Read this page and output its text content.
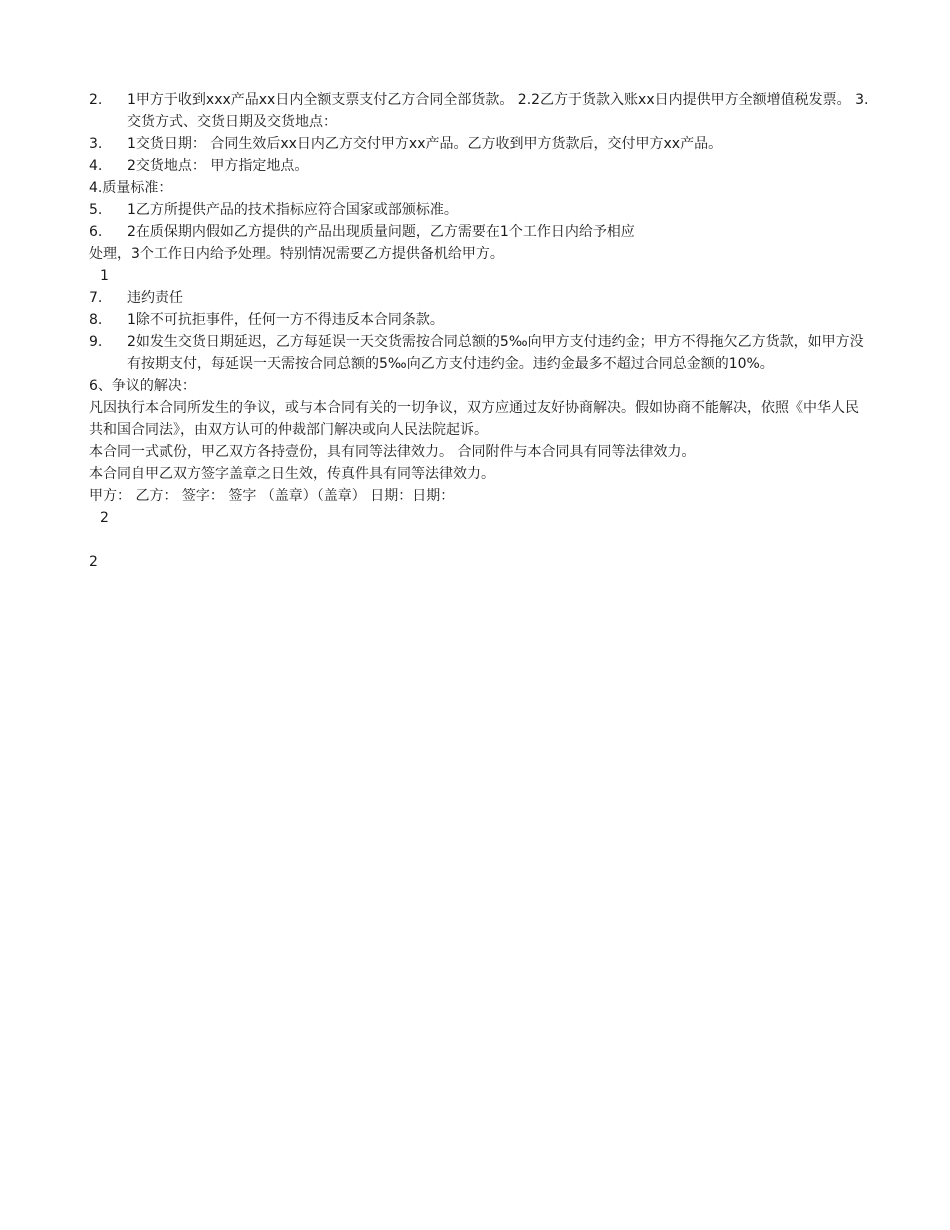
2.	1甲方于收到xxx产品xx日内全额支票支付乙方合同全部货款。 2.2乙方于货款入账xx日内提供甲方全额增值税发票。 3.交货方式、交货日期及交货地点：
3.	1交货日期： 合同生效后xx日内乙方交付甲方xx产品。乙方收到甲方货款后，交付甲方xx产品。
4.	2交货地点： 甲方指定地点。

4.质量标准：

5.	1乙方所提供产品的技术指标应符合国家或部颁标准。
6.	2在质保期内假如乙方提供的产品出现质量问题，乙方需要在1个工作日内给予相应

处理，3个工作日内给予处理。特别情况需要乙方提供备机给甲方。

1

7.	违约责任
8.	1除不可抗拒事件，任何一方不得违反本合同条款。
9.	2如发生交货日期延迟，乙方每延误一天交货需按合同总额的5‰向甲方支付违约金；甲方不得拖欠乙方货款，如甲方没有按期支付，每延误一天需按合同总额的5‰向乙方支付违约金。违约金最多不超过合同总金额的10%。

6、争议的解决：

凡因执行本合同所发生的争议，或与本合同有关的一切争议，双方应通过友好协商解决。假如协商不能解决，依照《中华人民共和国合同法》，由双方认可的仲裁部门解决或向人民法院起诉。

本合同一式贰份，甲乙双方各持壹份，具有同等法律效力。 合同附件与本合同具有同等法律效力。

本合同自甲乙双方签字盖章之日生效，传真件具有同等法律效力。

甲方： 乙方： 签字： 签字 （盖章）（盖章） 日期：日期：

2

2
